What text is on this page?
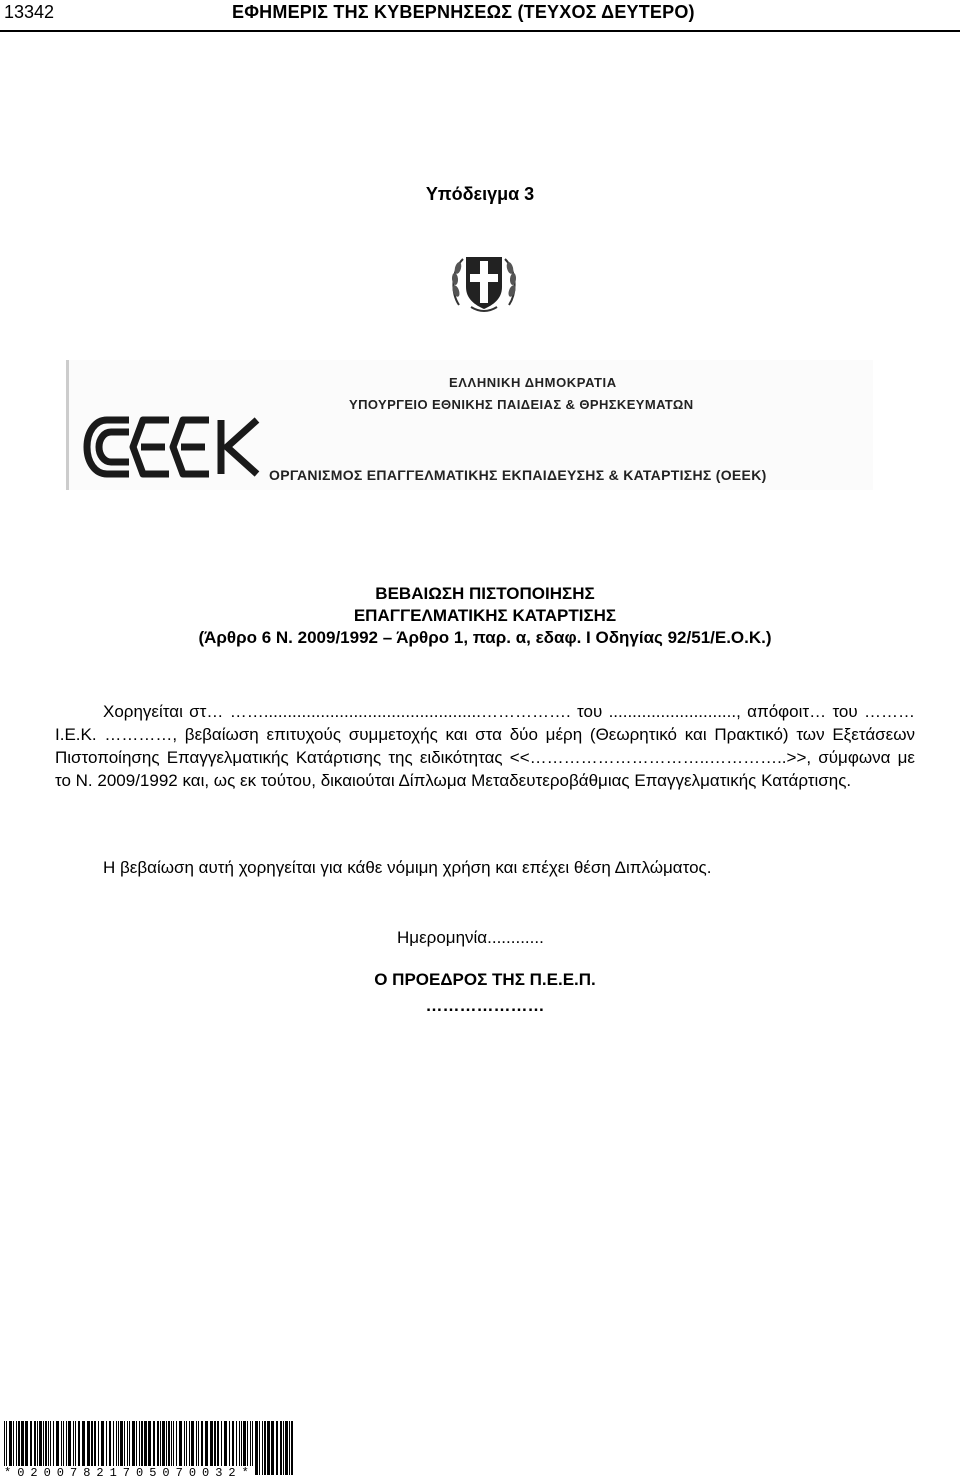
13342	ΕΦΗΜΕΡΙΣ ΤΗΣ ΚΥΒΕΡΝΗΣΕΩΣ (ΤΕΥΧΟΣ ΔΕΥΤΕΡΟ)
Υπόδειγμα 3
ΕΛΛΗΝΙΚΗ ΔΗΜΟΚΡΑΤΙΑ
ΥΠΟΥΡΓΕΙΟ ΕΘΝΙΚΗΣ ΠΑΙΔΕΙΑΣ & ΘΡΗΣΚΕΥΜΑΤΩΝ
ΟΡΓΑΝΙΣΜΟΣ ΕΠΑΓΓΕΛΜΑΤΙΚΗΣ ΕΚΠΑΙΔΕΥΣΗΣ & ΚΑΤΑΡΤΙΣΗΣ (ΟΕΕΚ)
ΒΕΒΑΙΩΣΗ ΠΙΣΤΟΠΟΙΗΣΗΣ
ΕΠΑΓΓΕΛΜΑΤΙΚΗΣ ΚΑΤΑΡΤΙΣΗΣ
(Άρθρο 6 Ν. 2009/1992 – Άρθρο 1, παρ. α, εδαφ. Ι Οδηγίας 92/51/Ε.Ο.Κ.)

Χορηγείται στ… ……..............................................……………. του ..........................., απόφοιτ… του ……… Ι.Ε.Κ. …………, βεβαίωση επιτυχούς συμμετοχής και στα δύο μέρη (Θεωρητικό και Πρακτικό) των Εξετάσεων Πιστοποίησης Επαγγελματικής Κατάρτισης της ειδικότητας <<…………………………..…………..>>, σύμφωνα με το Ν. 2009/1992 και, ως εκ τούτου, δικαιούται Δίπλωμα Μεταδευτεροβάθμιας Επαγγελματικής Κατάρτισης.

Η βεβαίωση αυτή χορηγείται για κάθε νόμιμη χρήση και επέχει θέση Διπλώματος.
Ημερομηνία............
Ο ΠΡΟΕΔΡΟΣ ΤΗΣ Π.Ε.Ε.Π.
…………………
*02007821705070032*
